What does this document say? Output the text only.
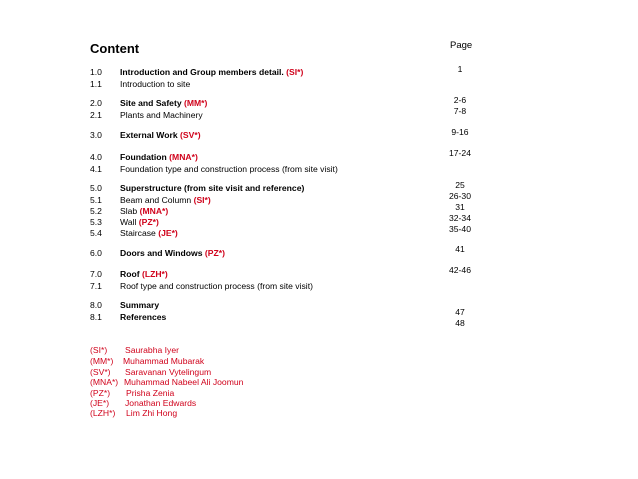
Content	Page
1.0
1.1
2.0
2.1
3.0
4.0
4.1
5.0
5.1
5.2
5.3
5.4
6.0
7.0
7.1
8.0
8.1
Introduction and Group members detail. (SI*)
Introduction to site
Site and Safety (MM*)
Plants and Machinery
External Work (SV*)
Foundation (MNA*)
Foundation type and construction process (from site visit)
Superstructure (from site visit and reference)
Beam and Column (SI*)
Slab (MNA*)
Wall (PZ*)
Staircase (JE*)
Doors and Windows (PZ*)
Roof (LZH*)
Roof type and construction process (from site visit)
Summary
References
1
2-6
7-8
9-16
17-24
25
26-30
31
32-34
35-40
41
42-46
47
48
(SI*) Saurabha Iyer
(MM*) Muhammad Mubarak
(SV*) Saravanan Vytelingum
(MNA*) Muhammad Nabeel Ali Joomun
(PZ*) Prisha Zenia
(JE*) Jonathan Edwards
(LZH*) Lim Zhi Hong
